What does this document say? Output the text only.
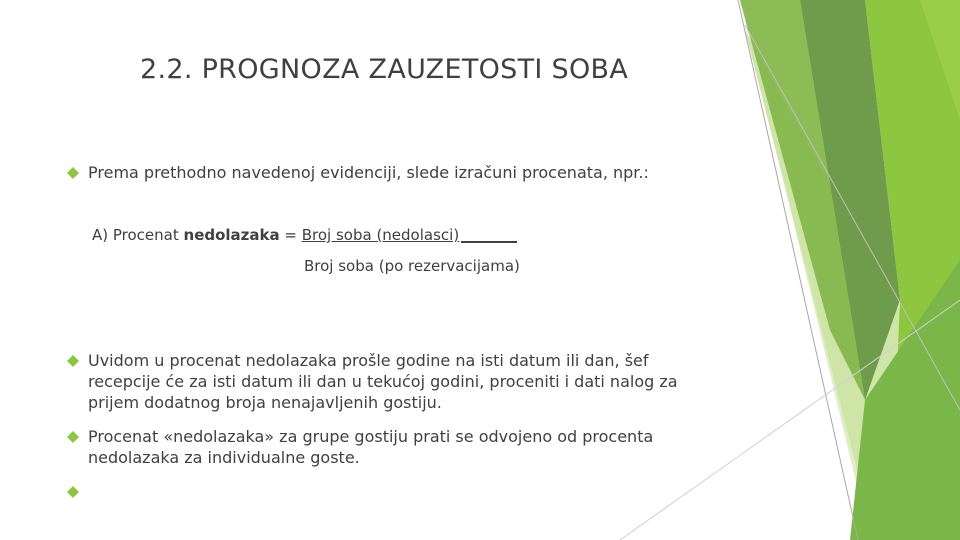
2.2. PROGNOZA ZAUZETOSTI SOBA
Prema prethodno navedenoj evidenciji, slede izračuni procenata, npr.:
A) Procenat nedolazaka = Broj soba (nedolasci)
Broj soba (po rezervacijama)
Uvidom u procenat nedolazaka prošle godine na isti datum ili dan, šef recepcije će za isti datum ili dan u tekućoj godini, proceniti i dati nalog za prijem dodatnog broja nenajavljenih gostiju.
Procenat «nedolazaka» za grupe gostiju prati se odvojeno od procenta nedolazaka za individualne goste.
